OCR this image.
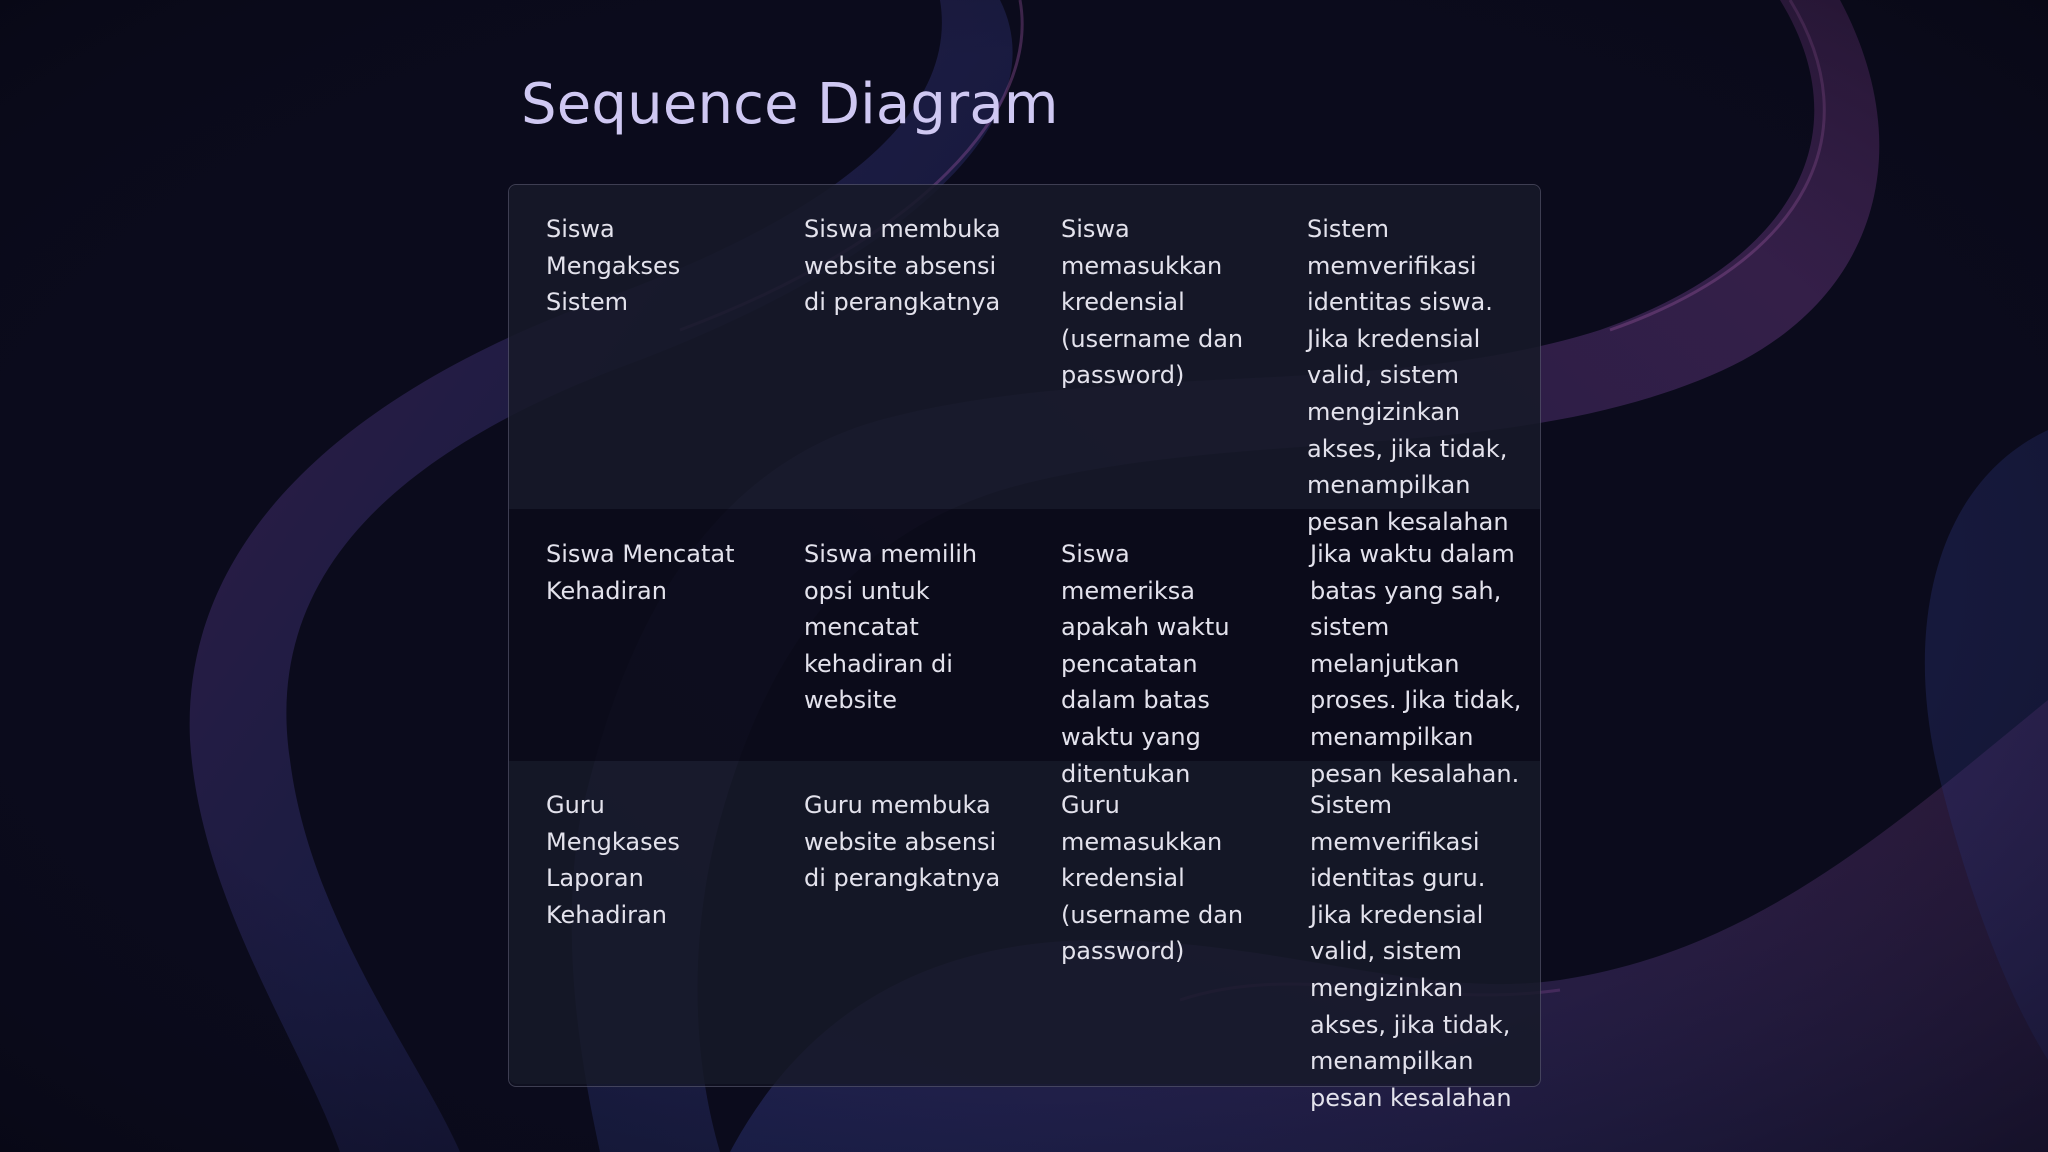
Sequence Diagram

Siswa Mengakses Sistem

Siswa membuka website absensi di perangkatnya

Siswa memasukkan kredensial (username dan password)

Sistem memverifikasi identitas siswa. Jika kredensial valid, sistem mengizinkan akses, jika tidak, menampilkan pesan kesalahan

Siswa Mencatat Kehadiran

Siswa memilih opsi untuk mencatat kehadiran di website

Siswa memeriksa apakah waktu pencatatan dalam batas waktu yang ditentukan

Jika waktu dalam batas yang sah, sistem melanjutkan proses. Jika tidak, menampilkan pesan kesalahan.

Guru Mengkases Laporan Kehadiran

Guru membuka website absensi di perangkatnya

Guru memasukkan kredensial (username dan password)

Sistem memverifikasi identitas guru. Jika kredensial valid, sistem mengizinkan akses, jika tidak, menampilkan pesan kesalahan
